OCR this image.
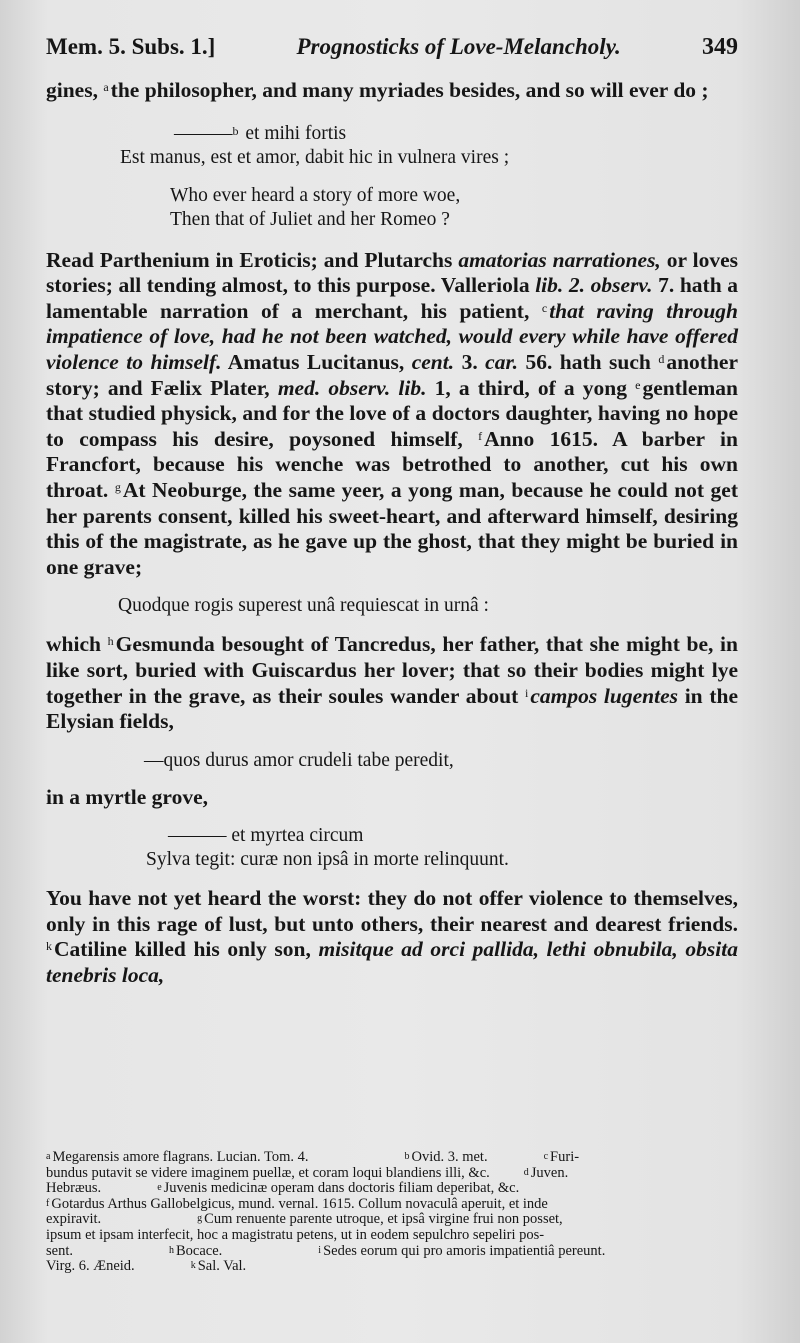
Mem. 5. Subs. 1.]	Prognosticks of Love-Melancholy.	349

gines, $^a$the philosopher, and many myriades besides, and so will ever do ;

———$^b$ et mihi fortis
Est manus, est et amor, dabit hic in vulnera vires ;
Who ever heard a story of more woe,
Then that of Juliet and her Romeo ?

Read Parthenium in Eroticis; and Plutarchs amatorias narrationes, or loves stories; all tending almost, to this purpose. Valleriola lib. 2. observ. 7. hath a lamentable narration of a merchant, his patient, $^c$that raving through impatience of love, had he not been watched, would every while have offered violence to himself. Amatus Lucitanus, cent. 3. car. 56. hath such $^d$another story; and Fælix Plater, med. observ. lib. 1, a third, of a yong $^e$gentleman that studied physick, and for the love of a doctors daughter, having no hope to compass his desire, poysoned himself, $^f$Anno 1615. A barber in Francfort, because his wenche was betrothed to another, cut his own throat. $^g$At Neoburge, the same yeer, a yong man, because he could not get her parents consent, killed his sweet-heart, and afterward himself, desiring this of the magistrate, as he gave up the ghost, that they might be buried in one grave;

Quodque rogis superest unâ requiescat in urnâ :

which $^h$Gesmunda besought of Tancredus, her father, that she might be, in like sort, buried with Guiscardus her lover; that so their bodies might lye together in the grave, as their soules wander about $^i$campos lugentes in the Elysian fields,

—quos durus amor crudeli tabe peredit,

in a myrtle grove,

——— et myrtea circum
Sylva tegit: curæ non ipsâ in morte relinquunt.

You have not yet heard the worst: they do not offer violence to themselves, only in this rage of lust, but unto others, their nearest and dearest friends. $^k$Catiline killed his only son, misitque ad orci pallida, lethi obnubila, obsita tenebris loca,

$^a$ Megarensis amore flagrans. Lucian. Tom. 4.	$^b$ Ovid. 3. met.	$^c$ Furi-
bundus putavit se videre imaginem puellæ, et coram loqui blandiens illi, &c.	$^d$ Juven.
Hebræus.	$^e$ Juvenis medicinæ operam dans doctoris filiam deperibat, &c.
$^f$ Gotardus Arthus Gallobelgicus, mund. vernal. 1615. Collum novaculâ aperuit, et inde
expiravit.	$^g$ Cum renuente parente utroque, et ipsâ virgine frui non posset,
ipsum et ipsam interfecit, hoc a magistratu petens, ut in eodem sepulchro sepeliri pos-
sent.	$^h$ Bocace.	$^i$ Sedes eorum qui pro amoris impatientiâ pereunt.
Virg. 6. Æneid.	$^k$ Sal. Val.
